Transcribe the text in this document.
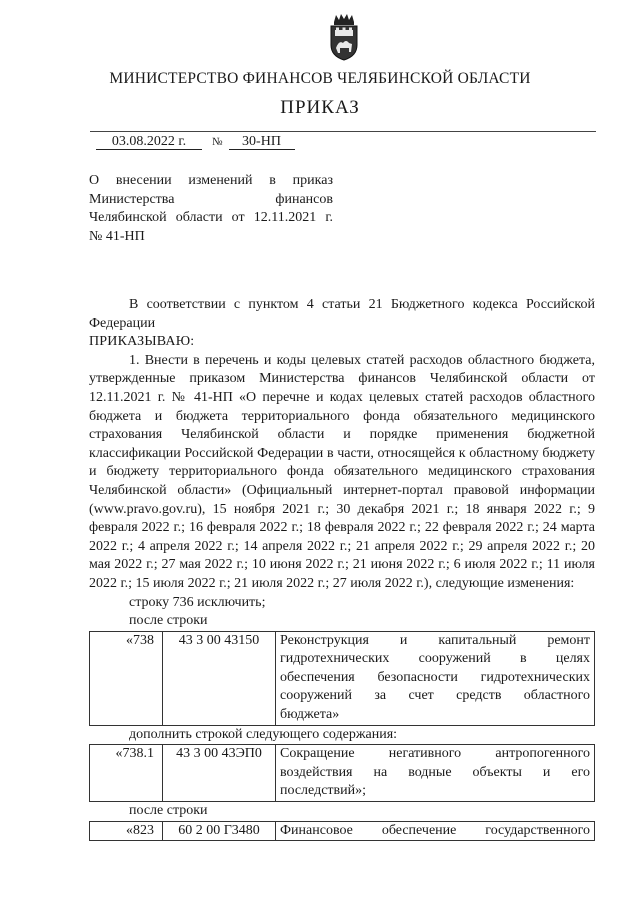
МИНИСТЕРСТВО ФИНАНСОВ ЧЕЛЯБИНСКОЙ ОБЛАСТИ
ПРИКАЗ
03.08.2022 г. № 30-НП
О внесении изменений в приказ
Министерства финансов
Челябинской области от 12.11.2021 г.
№ 41-НП
В соответствии с пунктом 4 статьи 21 Бюджетного кодекса Российской Федерации
ПРИКАЗЫВАЮ:
1. Внести в перечень и коды целевых статей расходов областного бюджета, утвержденные приказом Министерства финансов Челябинской области от 12.11.2021 г. № 41-НП «О перечне и кодах целевых статей расходов областного бюджета и бюджета территориального фонда обязательного медицинского страхования Челябинской области и порядке применения бюджетной классификации Российской Федерации в части, относящейся к областному бюджету и бюджету территориального фонда обязательного медицинского страхования Челябинской области» (Официальный интернет-портал правовой информации (www.pravo.gov.ru), 15 ноября 2021 г.; 30 декабря 2021 г.; 18 января 2022 г.; 9 февраля 2022 г.; 16 февраля 2022 г.; 18 февраля 2022 г.; 22 февраля 2022 г.; 24 марта 2022 г.; 4 апреля 2022 г.; 14 апреля 2022 г.; 21 апреля 2022 г.; 29 апреля 2022 г.; 20 мая 2022 г.; 27 мая 2022 г.; 10 июня 2022 г.; 21 июня 2022 г.; 6 июля 2022 г.; 11 июля 2022 г.; 15 июля 2022 г.; 21 июля 2022 г.; 27 июля 2022 г.), следующие изменения:
строку 736 исключить;
после строки
«738	43 3 00 43150	Реконструкция и капитальный ремонт гидротехнических сооружений в целях обеспечения безопасности гидротехнических сооружений за счет средств областного
бюджета»
дополнить строкой следующего содержания:
«738.1	43 3 00 43ЭП0	Сокращение негативного антропогенного воздействия на водные объекты и его
последствий»;
после строки
«823	60 2 00 Г3480	Финансовое обеспечение государственного
